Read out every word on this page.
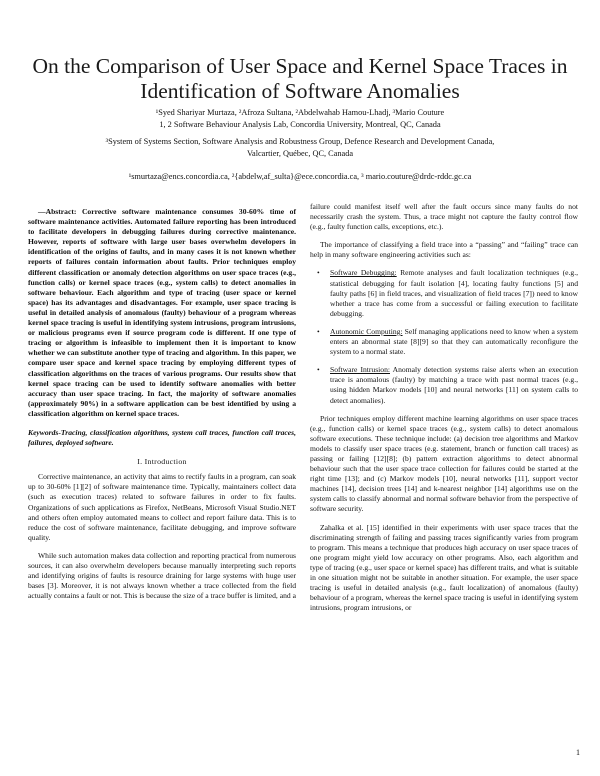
On the Comparison of User Space and Kernel Space Traces in Identification of Software Anomalies

¹Syed Shariyar Murtaza, ²Afroza Sultana, ²Abdelwahab Hamou-Lhadj, ³Mario Couture

1, 2 Software Behaviour Analysis Lab, Concordia University, Montreal, QC, Canada

³System of Systems Section, Software Analysis and Robustness Group, Defence Research and Development Canada,

Valcartier, Québec, QC, Canada

¹smurtaza@encs.concordia.ca, ²{abdelw,af_sulta}@ece.concordia.ca, ³ mario.couture@drdc-rddc.gc.ca

—Abstract: Corrective software maintenance consumes 30-60% time of software maintenance activities. Automated failure reporting has been introduced to facilitate developers in debugging failures during corrective maintenance. However, reports of software with large user bases overwhelm developers in identification of the origins of faults, and in many cases it is not known whether reports of failures contain information about faults. Prior techniques employ different classification or anomaly detection algorithms on user space traces (e.g., function calls) or kernel space traces (e.g., system calls) to detect anomalies in software behaviour. Each algorithm and type of tracing (user space or kernel space) has its advantages and disadvantages. For example, user space tracing is useful in detailed analysis of anomalous (faulty) behaviour of a program whereas kernel space tracing is useful in identifying system intrusions, program intrusions, or malicious programs even if source program code is different. If one type of tracing or algorithm is infeasible to implement then it is important to know whether we can substitute another type of tracing and algorithm. In this paper, we compare user space and kernel space tracing by employing different types of classification algorithms on the traces of various programs. Our results show that kernel space tracing can be used to identify software anomalies with better accuracy than user space tracing. In fact, the majority of software anomalies (approximately 90%) in a software application can be best identified by using a classification algorithm on kernel space traces.

Keywords-Tracing, classification algorithms, system call traces, function call traces, failures, deployed software.

I. Introduction

Corrective maintenance, an activity that aims to rectify faults in a program, can soak up to 30-60% [1][2] of software maintenance time. Typically, maintainers collect data (such as execution traces) related to software failures in order to fix faults. Organizations of such applications as Firefox, NetBeans, Microsoft Visual Studio.NET and others often employ automated means to collect and report failure data. This is to reduce the cost of software maintenance, facilitate debugging, and improve software quality.

While such automation makes data collection and reporting practical from numerous sources, it can also overwhelm developers because manually interpreting such reports and identifying origins of faults is resource draining for large systems with huge user bases [3]. Moreover, it is not always known whether a trace collected from the field actually contains a fault or not. This is because the size of a trace buffer is limited, and a

failure could manifest itself well after the fault occurs since many faults do not necessarily crash the system. Thus, a trace might not capture the faulty control flow (e.g., faulty function calls, exceptions, etc.).

The importance of classifying a field trace into a “passing” and “failing” trace can help in many software engineering activities such as:

• Software Debugging: Remote analyses and fault localization techniques (e.g., statistical debugging for fault isolation [4], locating faulty functions [5] and faulty paths [6] in field traces, and visualization of field traces [7]) need to know whether a trace has come from a successful or failing execution to facilitate debugging.
• Autonomic Computing: Self managing applications need to know when a system enters an abnormal state [8][9] so that they can automatically reconfigure the system to a normal state.
• Software Intrusion: Anomaly detection systems raise alerts when an execution trace is anomalous (faulty) by matching a trace with past normal traces (e.g., using hidden Markov models [10] and neural networks [11] on system calls to detect anomalies).

Prior techniques employ different machine learning algorithms on user space traces (e.g., function calls) or kernel space traces (e.g., system calls) to detect anomalous software executions. These technique include: (a) decision tree algorithms and Markov models to classify user space traces (e.g. statement, branch or function call traces) as passing or failing [12][8]; (b) pattern extraction algorithms to detect abnormal behaviour such that the user space trace collection for failures could be started at the right time [13]; and (c) Markov models [10], neural networks [11], support vector machines [14], decision trees [14] and k-nearest neighbor [14] algorithms use on the system calls to classify abnormal and normal software behavior from the perspective of software security.

Zahalka et al. [15] identified in their experiments with user space traces that the discriminating strength of failing and passing traces significantly varies from program to program. This means a technique that produces high accuracy on user space traces of one program might yield low accuracy on other programs. Also, each algorithm and type of tracing (e.g., user space or kernel space) has different traits, and what is suitable in one situation might not be suitable in another situation. For example, the user space tracing is useful in detailed analysis (e.g., fault localization) of anomalous (faulty) behaviour of a program, whereas the kernel space tracing is useful in identifying system intrusions, program intrusions, or

1
